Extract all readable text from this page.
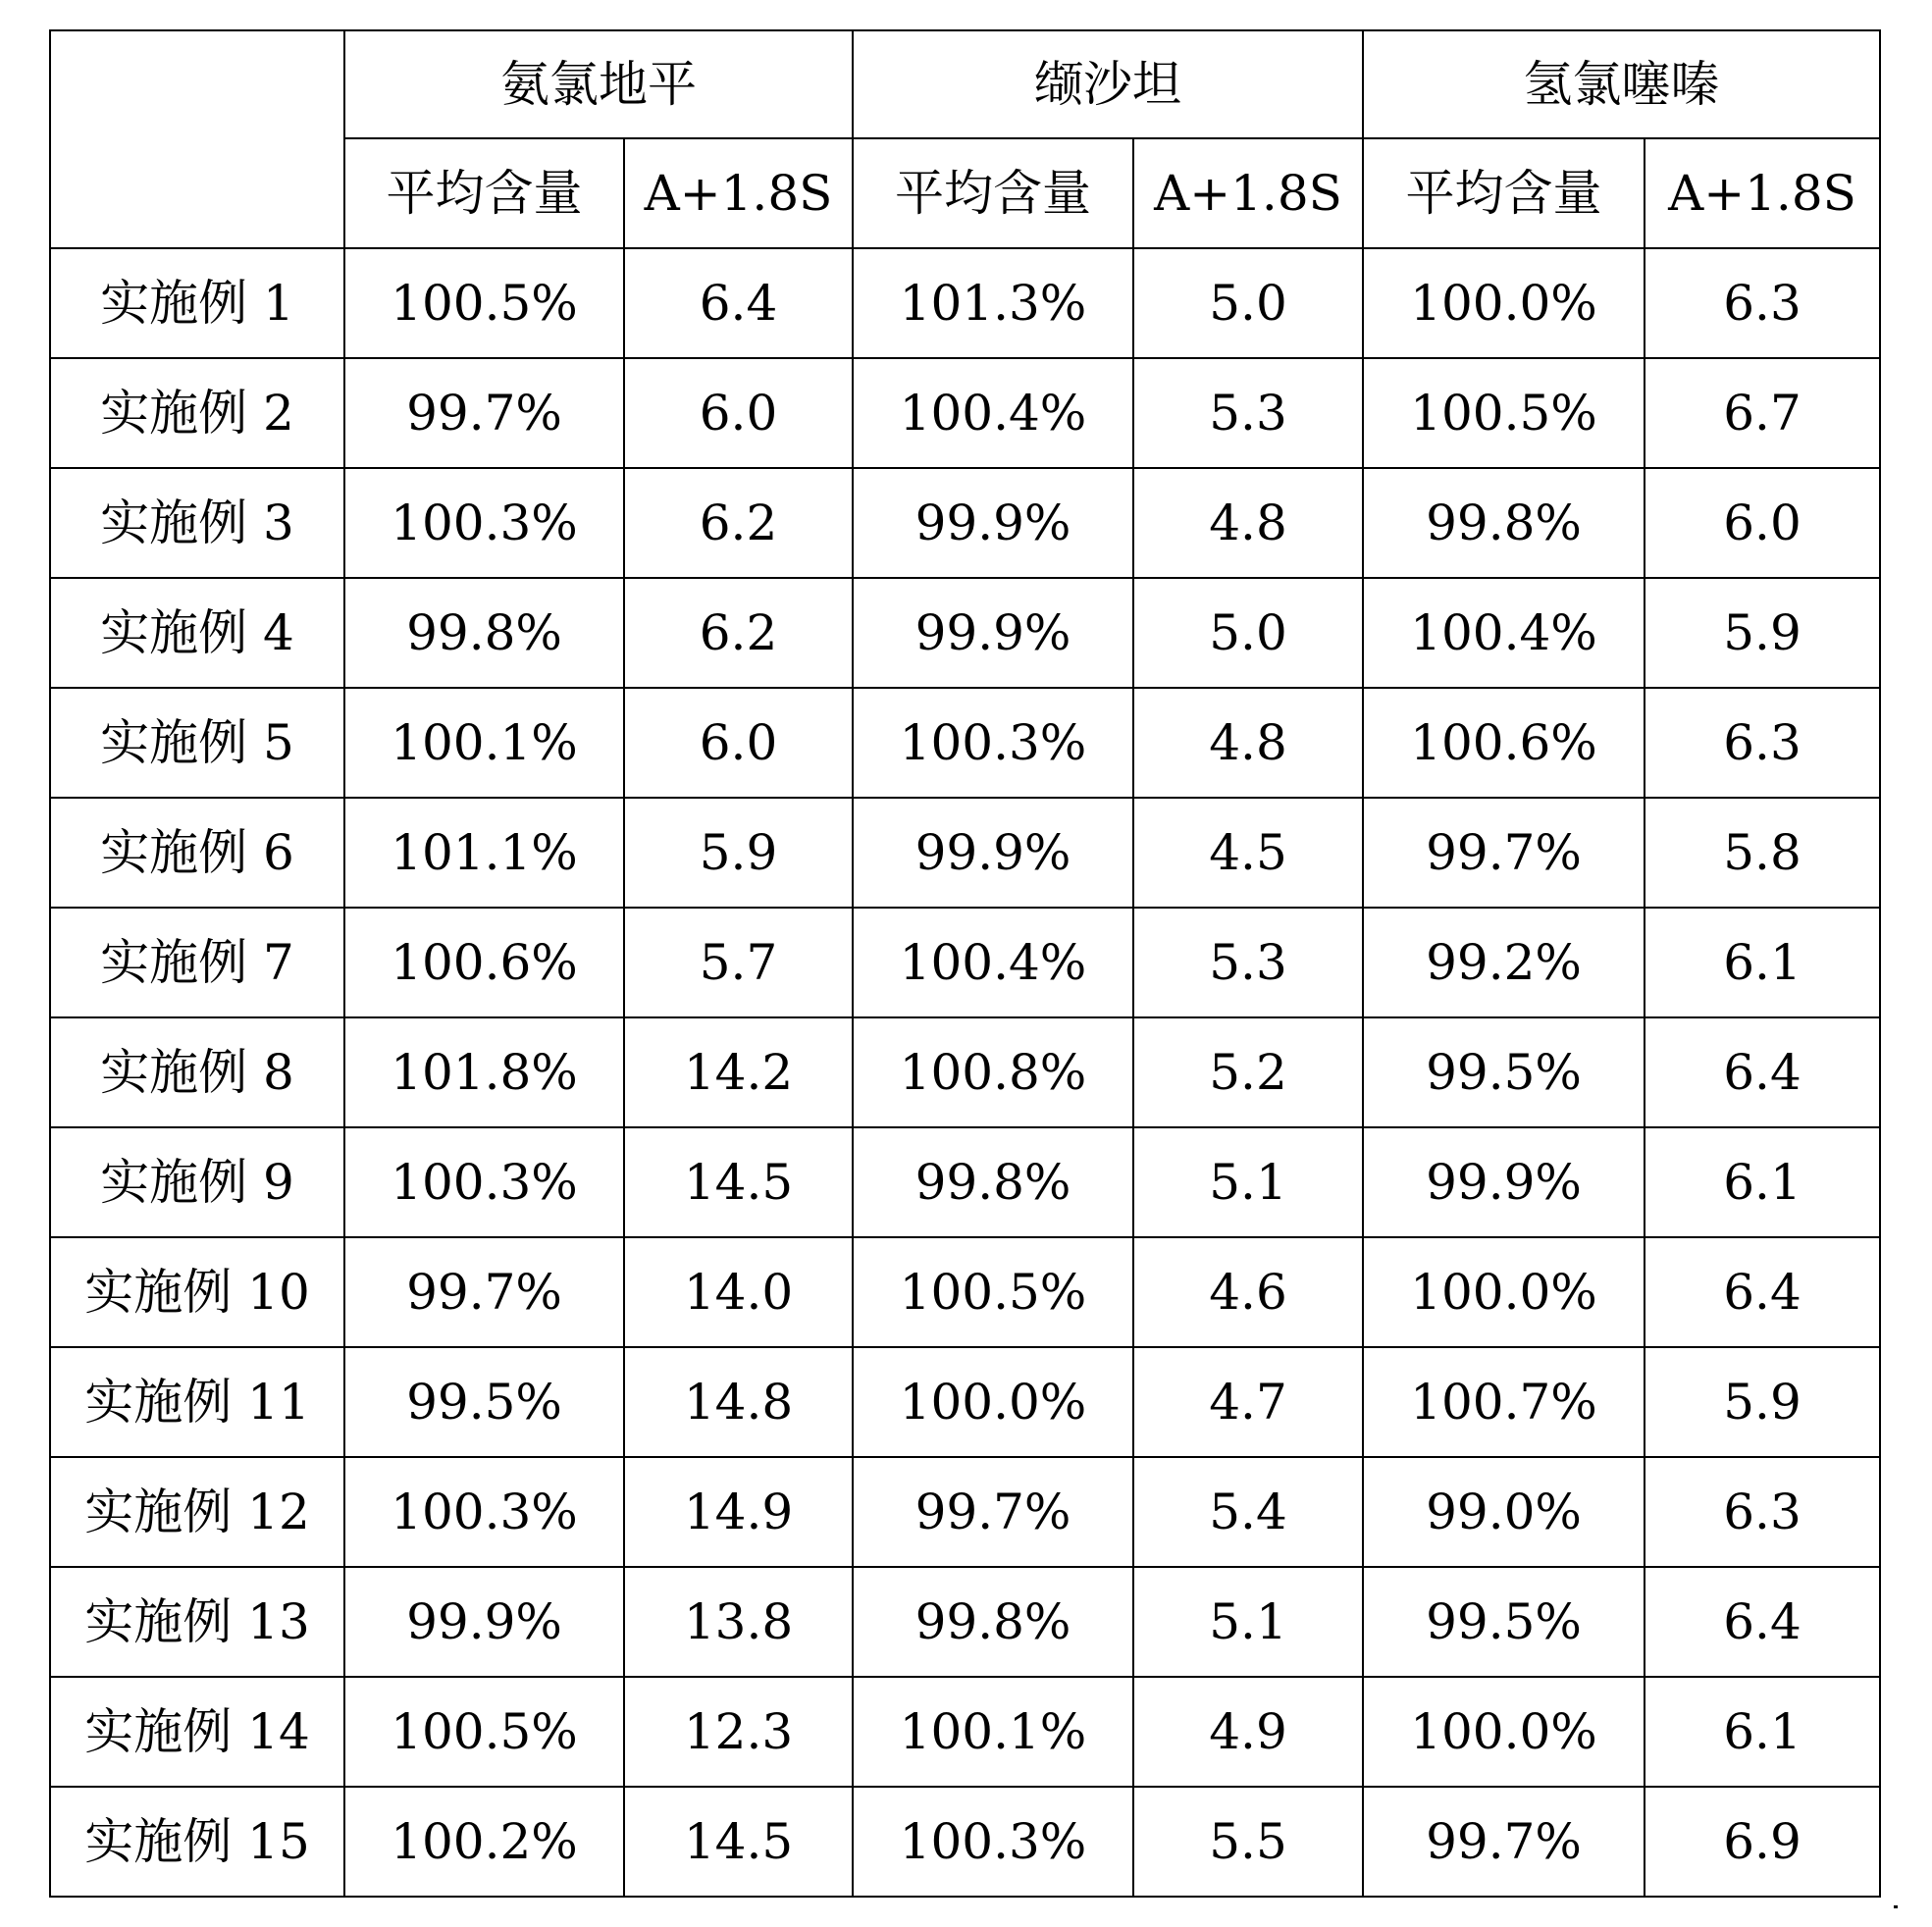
	氨氯地平		缬沙坦		氢氯噻嗪	
	平均含量	A+1.8S	平均含量	A+1.8S	平均含量	A+1.8S
实施例 1	100.5%	6.4	101.3%	5.0	100.0%	6.3
实施例 2	99.7%	6.0	100.4%	5.3	100.5%	6.7
实施例 3	100.3%	6.2	99.9%	4.8	99.8%	6.0
实施例 4	99.8%	6.2	99.9%	5.0	100.4%	5.9
实施例 5	100.1%	6.0	100.3%	4.8	100.6%	6.3
实施例 6	101.1%	5.9	99.9%	4.5	99.7%	5.8
实施例 7	100.6%	5.7	100.4%	5.3	99.2%	6.1
实施例 8	101.8%	14.2	100.8%	5.2	99.5%	6.4
实施例 9	100.3%	14.5	99.8%	5.1	99.9%	6.1
实施例 10	99.7%	14.0	100.5%	4.6	100.0%	6.4
实施例 11	99.5%	14.8	100.0%	4.7	100.7%	5.9
实施例 12	100.3%	14.9	99.7%	5.4	99.0%	6.3
实施例 13	99.9%	13.8	99.8%	5.1	99.5%	6.4
实施例 14	100.5%	12.3	100.1%	4.9	100.0%	6.1
实施例 15	100.2%	14.5	100.3%	5.5	99.7%	6.9
